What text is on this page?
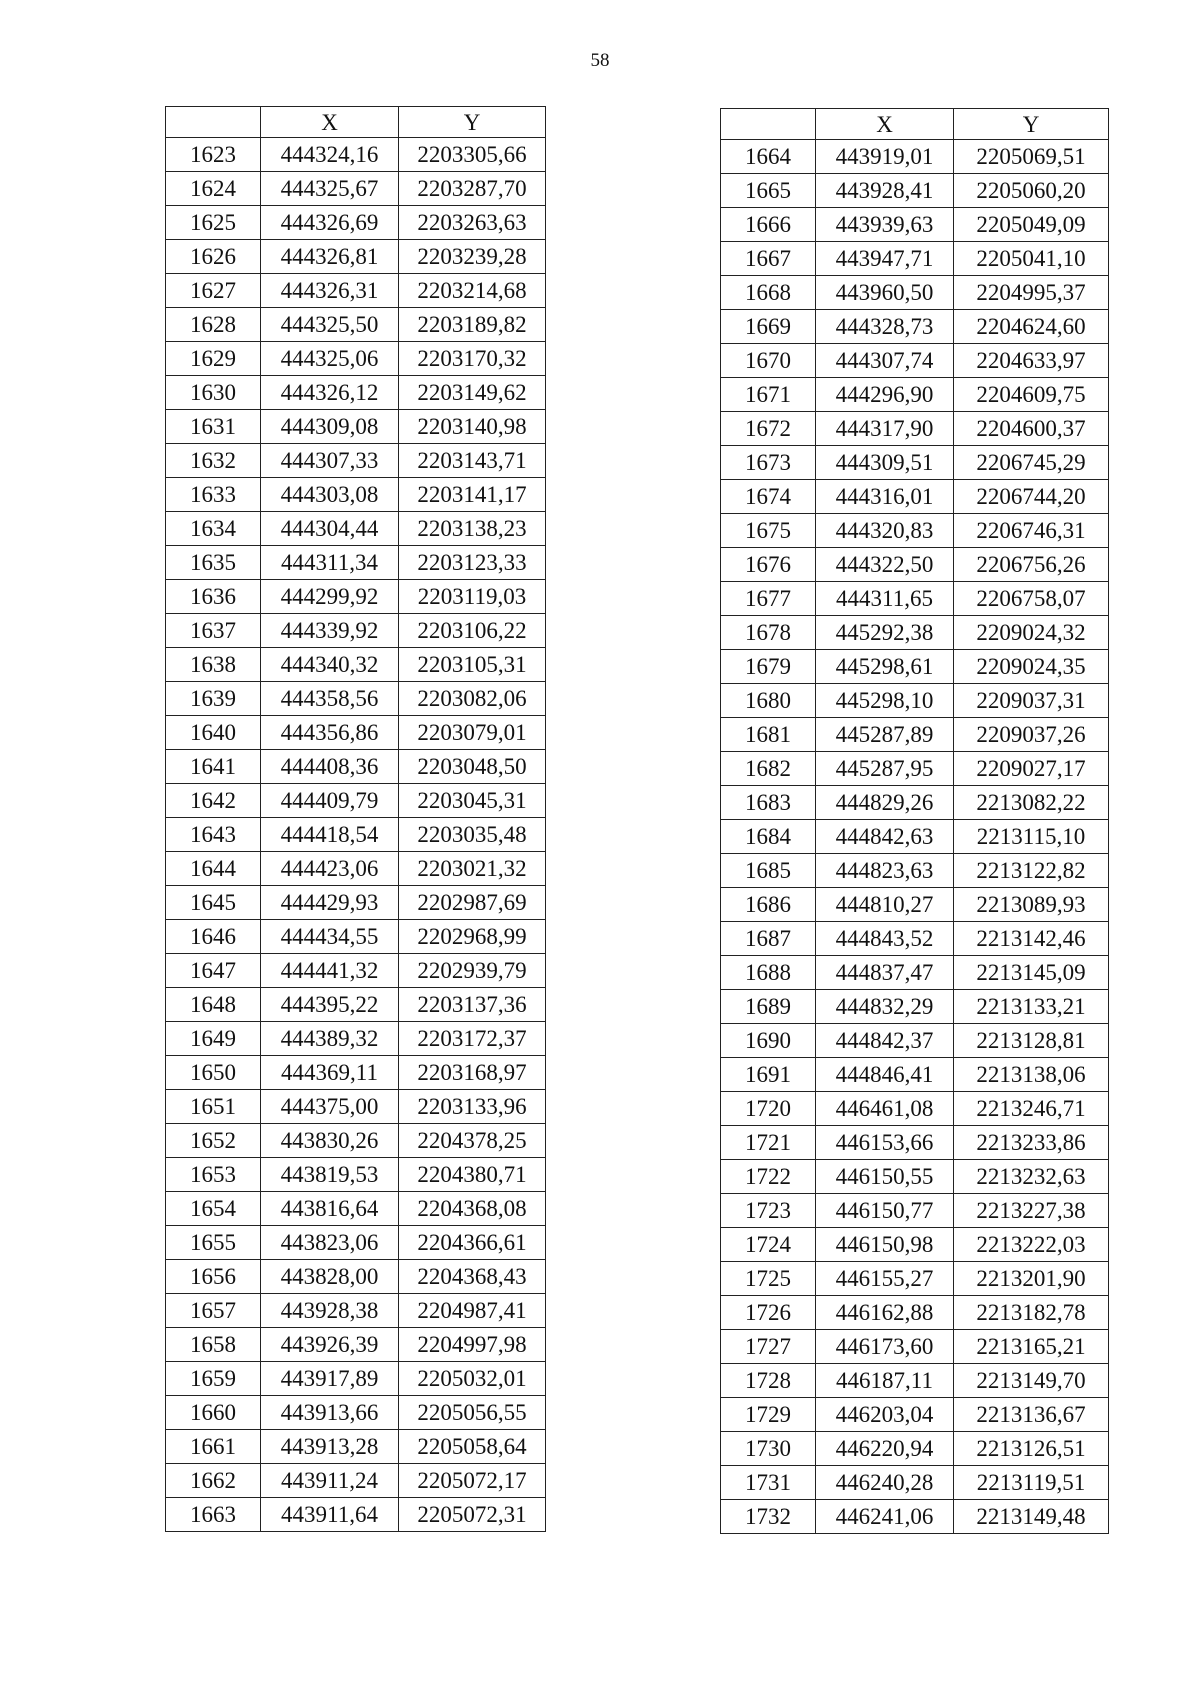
58
	X	Y
1623	444324,16	2203305,66
1624	444325,67	2203287,70
1625	444326,69	2203263,63
1626	444326,81	2203239,28
1627	444326,31	2203214,68
1628	444325,50	2203189,82
1629	444325,06	2203170,32
1630	444326,12	2203149,62
1631	444309,08	2203140,98
1632	444307,33	2203143,71
1633	444303,08	2203141,17
1634	444304,44	2203138,23
1635	444311,34	2203123,33
1636	444299,92	2203119,03
1637	444339,92	2203106,22
1638	444340,32	2203105,31
1639	444358,56	2203082,06
1640	444356,86	2203079,01
1641	444408,36	2203048,50
1642	444409,79	2203045,31
1643	444418,54	2203035,48
1644	444423,06	2203021,32
1645	444429,93	2202987,69
1646	444434,55	2202968,99
1647	444441,32	2202939,79
1648	444395,22	2203137,36
1649	444389,32	2203172,37
1650	444369,11	2203168,97
1651	444375,00	2203133,96
1652	443830,26	2204378,25
1653	443819,53	2204380,71
1654	443816,64	2204368,08
1655	443823,06	2204366,61
1656	443828,00	2204368,43
1657	443928,38	2204987,41
1658	443926,39	2204997,98
1659	443917,89	2205032,01
1660	443913,66	2205056,55
1661	443913,28	2205058,64
1662	443911,24	2205072,17
1663	443911,64	2205072,31
	X	Y
1664	443919,01	2205069,51
1665	443928,41	2205060,20
1666	443939,63	2205049,09
1667	443947,71	2205041,10
1668	443960,50	2204995,37
1669	444328,73	2204624,60
1670	444307,74	2204633,97
1671	444296,90	2204609,75
1672	444317,90	2204600,37
1673	444309,51	2206745,29
1674	444316,01	2206744,20
1675	444320,83	2206746,31
1676	444322,50	2206756,26
1677	444311,65	2206758,07
1678	445292,38	2209024,32
1679	445298,61	2209024,35
1680	445298,10	2209037,31
1681	445287,89	2209037,26
1682	445287,95	2209027,17
1683	444829,26	2213082,22
1684	444842,63	2213115,10
1685	444823,63	2213122,82
1686	444810,27	2213089,93
1687	444843,52	2213142,46
1688	444837,47	2213145,09
1689	444832,29	2213133,21
1690	444842,37	2213128,81
1691	444846,41	2213138,06
1720	446461,08	2213246,71
1721	446153,66	2213233,86
1722	446150,55	2213232,63
1723	446150,77	2213227,38
1724	446150,98	2213222,03
1725	446155,27	2213201,90
1726	446162,88	2213182,78
1727	446173,60	2213165,21
1728	446187,11	2213149,70
1729	446203,04	2213136,67
1730	446220,94	2213126,51
1731	446240,28	2213119,51
1732	446241,06	2213149,48
